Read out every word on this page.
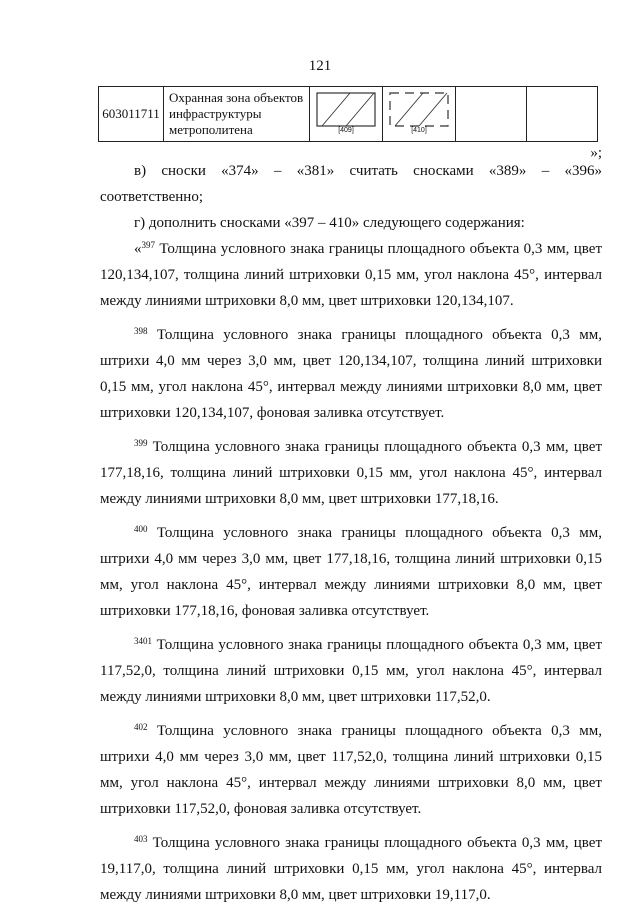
121
603011711	Охранная зона объектов инфраструктуры метрополитена	[409]	[410]

»;

в) сноски «374» – «381» считать сносками «389» – «396» соответственно;

г) дополнить сносками «397 – 410» следующего содержания:

«$^{397}$ Толщина условного знака границы площадного объекта 0,3 мм, цвет 120,134,107, толщина линий штриховки 0,15 мм, угол наклона 45°, интервал между линиями штриховки 8,0 мм, цвет штриховки 120,134,107.

$^{398}$ Толщина условного знака границы площадного объекта 0,3 мм, штрихи 4,0 мм через 3,0 мм, цвет 120,134,107, толщина линий штриховки 0,15 мм, угол наклона 45°, интервал между линиями штриховки 8,0 мм, цвет штриховки 120,134,107, фоновая заливка отсутствует.

$^{399}$ Толщина условного знака границы площадного объекта 0,3 мм, цвет 177,18,16, толщина линий штриховки 0,15 мм, угол наклона 45°, интервал между линиями штриховки 8,0 мм, цвет штриховки 177,18,16.

$^{400}$ Толщина условного знака границы площадного объекта 0,3 мм, штрихи 4,0 мм через 3,0 мм, цвет 177,18,16, толщина линий штриховки 0,15 мм, угол наклона 45°, интервал между линиями штриховки 8,0 мм, цвет штриховки 177,18,16, фоновая заливка отсутствует.

$^{3401}$ Толщина условного знака границы площадного объекта 0,3 мм, цвет 117,52,0, толщина линий штриховки 0,15 мм, угол наклона 45°, интервал между линиями штриховки 8,0 мм, цвет штриховки 117,52,0.

$^{402}$ Толщина условного знака границы площадного объекта 0,3 мм, штрихи 4,0 мм через 3,0 мм, цвет 117,52,0, толщина линий штриховки 0,15 мм, угол наклона 45°, интервал между линиями штриховки 8,0 мм, цвет штриховки 117,52,0, фоновая заливка отсутствует.

$^{403}$ Толщина условного знака границы площадного объекта 0,3 мм, цвет 19,117,0, толщина линий штриховки 0,15 мм, угол наклона 45°, интервал между линиями штриховки 8,0 мм, цвет штриховки 19,117,0.
